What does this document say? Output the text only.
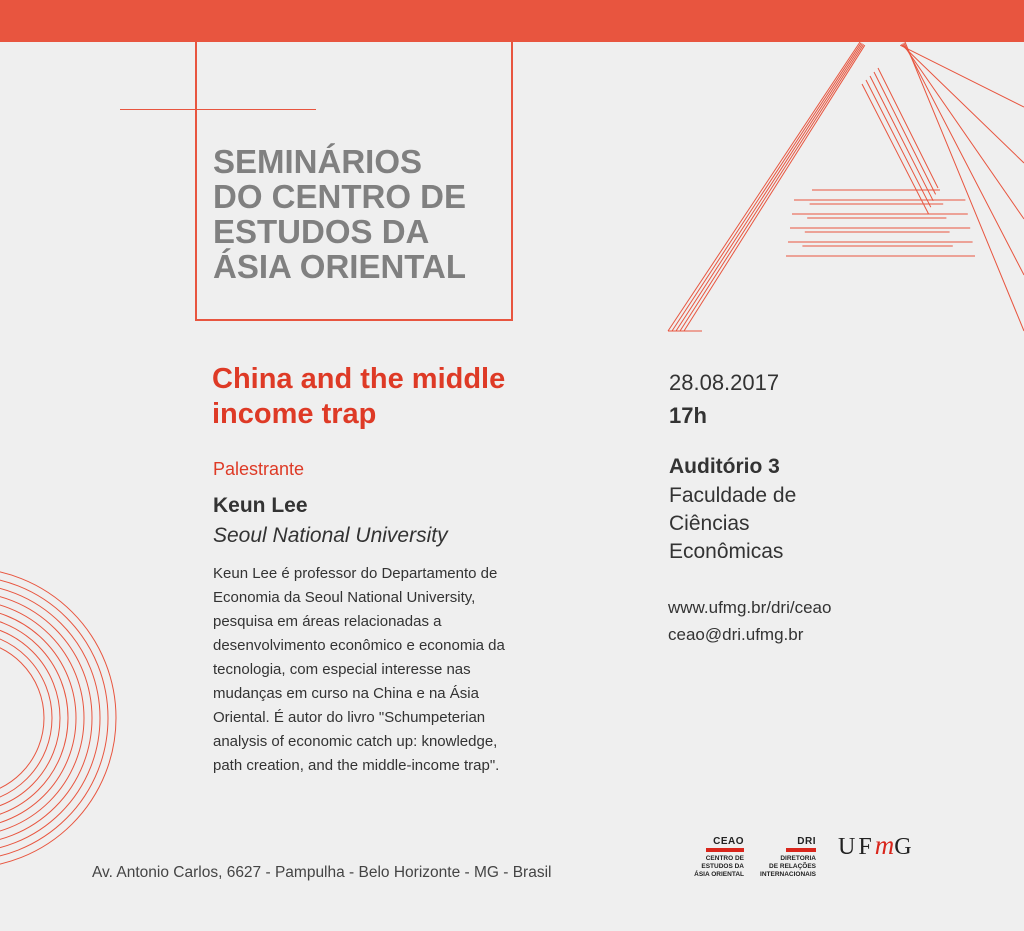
SEMINÁRIOS
DO CENTRO DE
ESTUDOS DA
ÁSIA ORIENTAL
China and the middle
income trap
Palestrante
Keun Lee
Seoul National University
Keun Lee é professor do Departamento de
Economia da Seoul National University,
pesquisa em áreas relacionadas a
desenvolvimento econômico e economia da
tecnologia, com especial interesse nas
mudanças em curso na China e na Ásia
Oriental. É autor do livro "Schumpeterian
analysis of economic catch up: knowledge,
path creation, and the middle-income trap".
28.08.2017
17h
Auditório 3
Faculdade de
Ciências
Econômicas
www.ufmg.br/dri/ceao
ceao@dri.ufmg.br
Av. Antonio Carlos, 6627 - Pampulha - Belo Horizonte - MG - Brasil
CEAO
CENTRO DE
ESTUDOS DA
ÁSIA ORIENTAL
DRI
DIRETORIA
DE RELAÇÕES
INTERNACIONAIS
UFmG
